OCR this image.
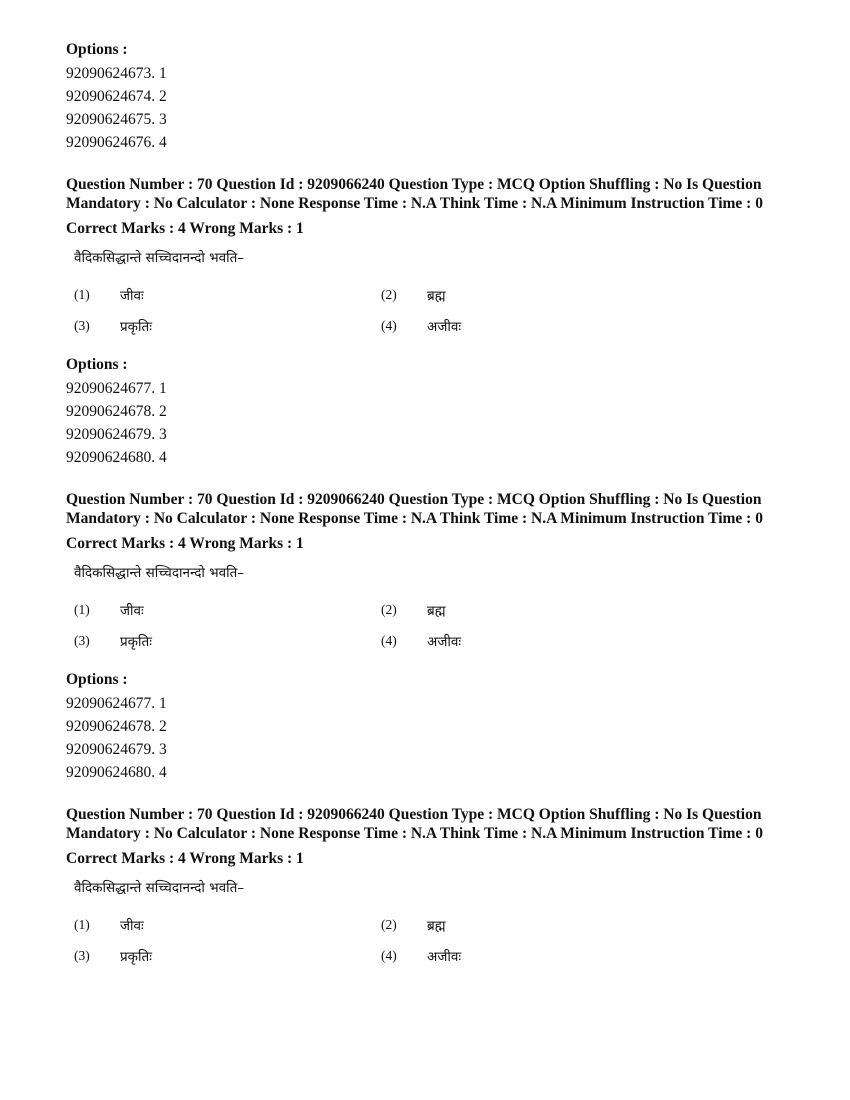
Options :
92090624673. 1
92090624674. 2
92090624675. 3
92090624676. 4
Question Number : 70 Question Id : 9209066240 Question Type : MCQ Option Shuffling : No Is Question Mandatory : No Calculator : None Response Time : N.A Think Time : N.A Minimum Instruction Time : 0
Correct Marks : 4 Wrong Marks : 1
वैदिकसिद्धान्ते सच्चिदानन्दो भवति–
(1)	जीवः	(2)	ब्रह्म
(3)	प्रकृतिः	(4)	अजीवः
Options :
92090624677. 1
92090624678. 2
92090624679. 3
92090624680. 4
Question Number : 70 Question Id : 9209066240 Question Type : MCQ Option Shuffling : No Is Question Mandatory : No Calculator : None Response Time : N.A Think Time : N.A Minimum Instruction Time : 0
Correct Marks : 4 Wrong Marks : 1
वैदिकसिद्धान्ते सच्चिदानन्दो भवति–
(1)	जीवः	(2)	ब्रह्म
(3)	प्रकृतिः	(4)	अजीवः
Options :
92090624677. 1
92090624678. 2
92090624679. 3
92090624680. 4
Question Number : 70 Question Id : 9209066240 Question Type : MCQ Option Shuffling : No Is Question Mandatory : No Calculator : None Response Time : N.A Think Time : N.A Minimum Instruction Time : 0
Correct Marks : 4 Wrong Marks : 1
वैदिकसिद्धान्ते सच्चिदानन्दो भवति–
(1)	जीवः	(2)	ब्रह्म
(3)	प्रकृतिः	(4)	अजीवः
